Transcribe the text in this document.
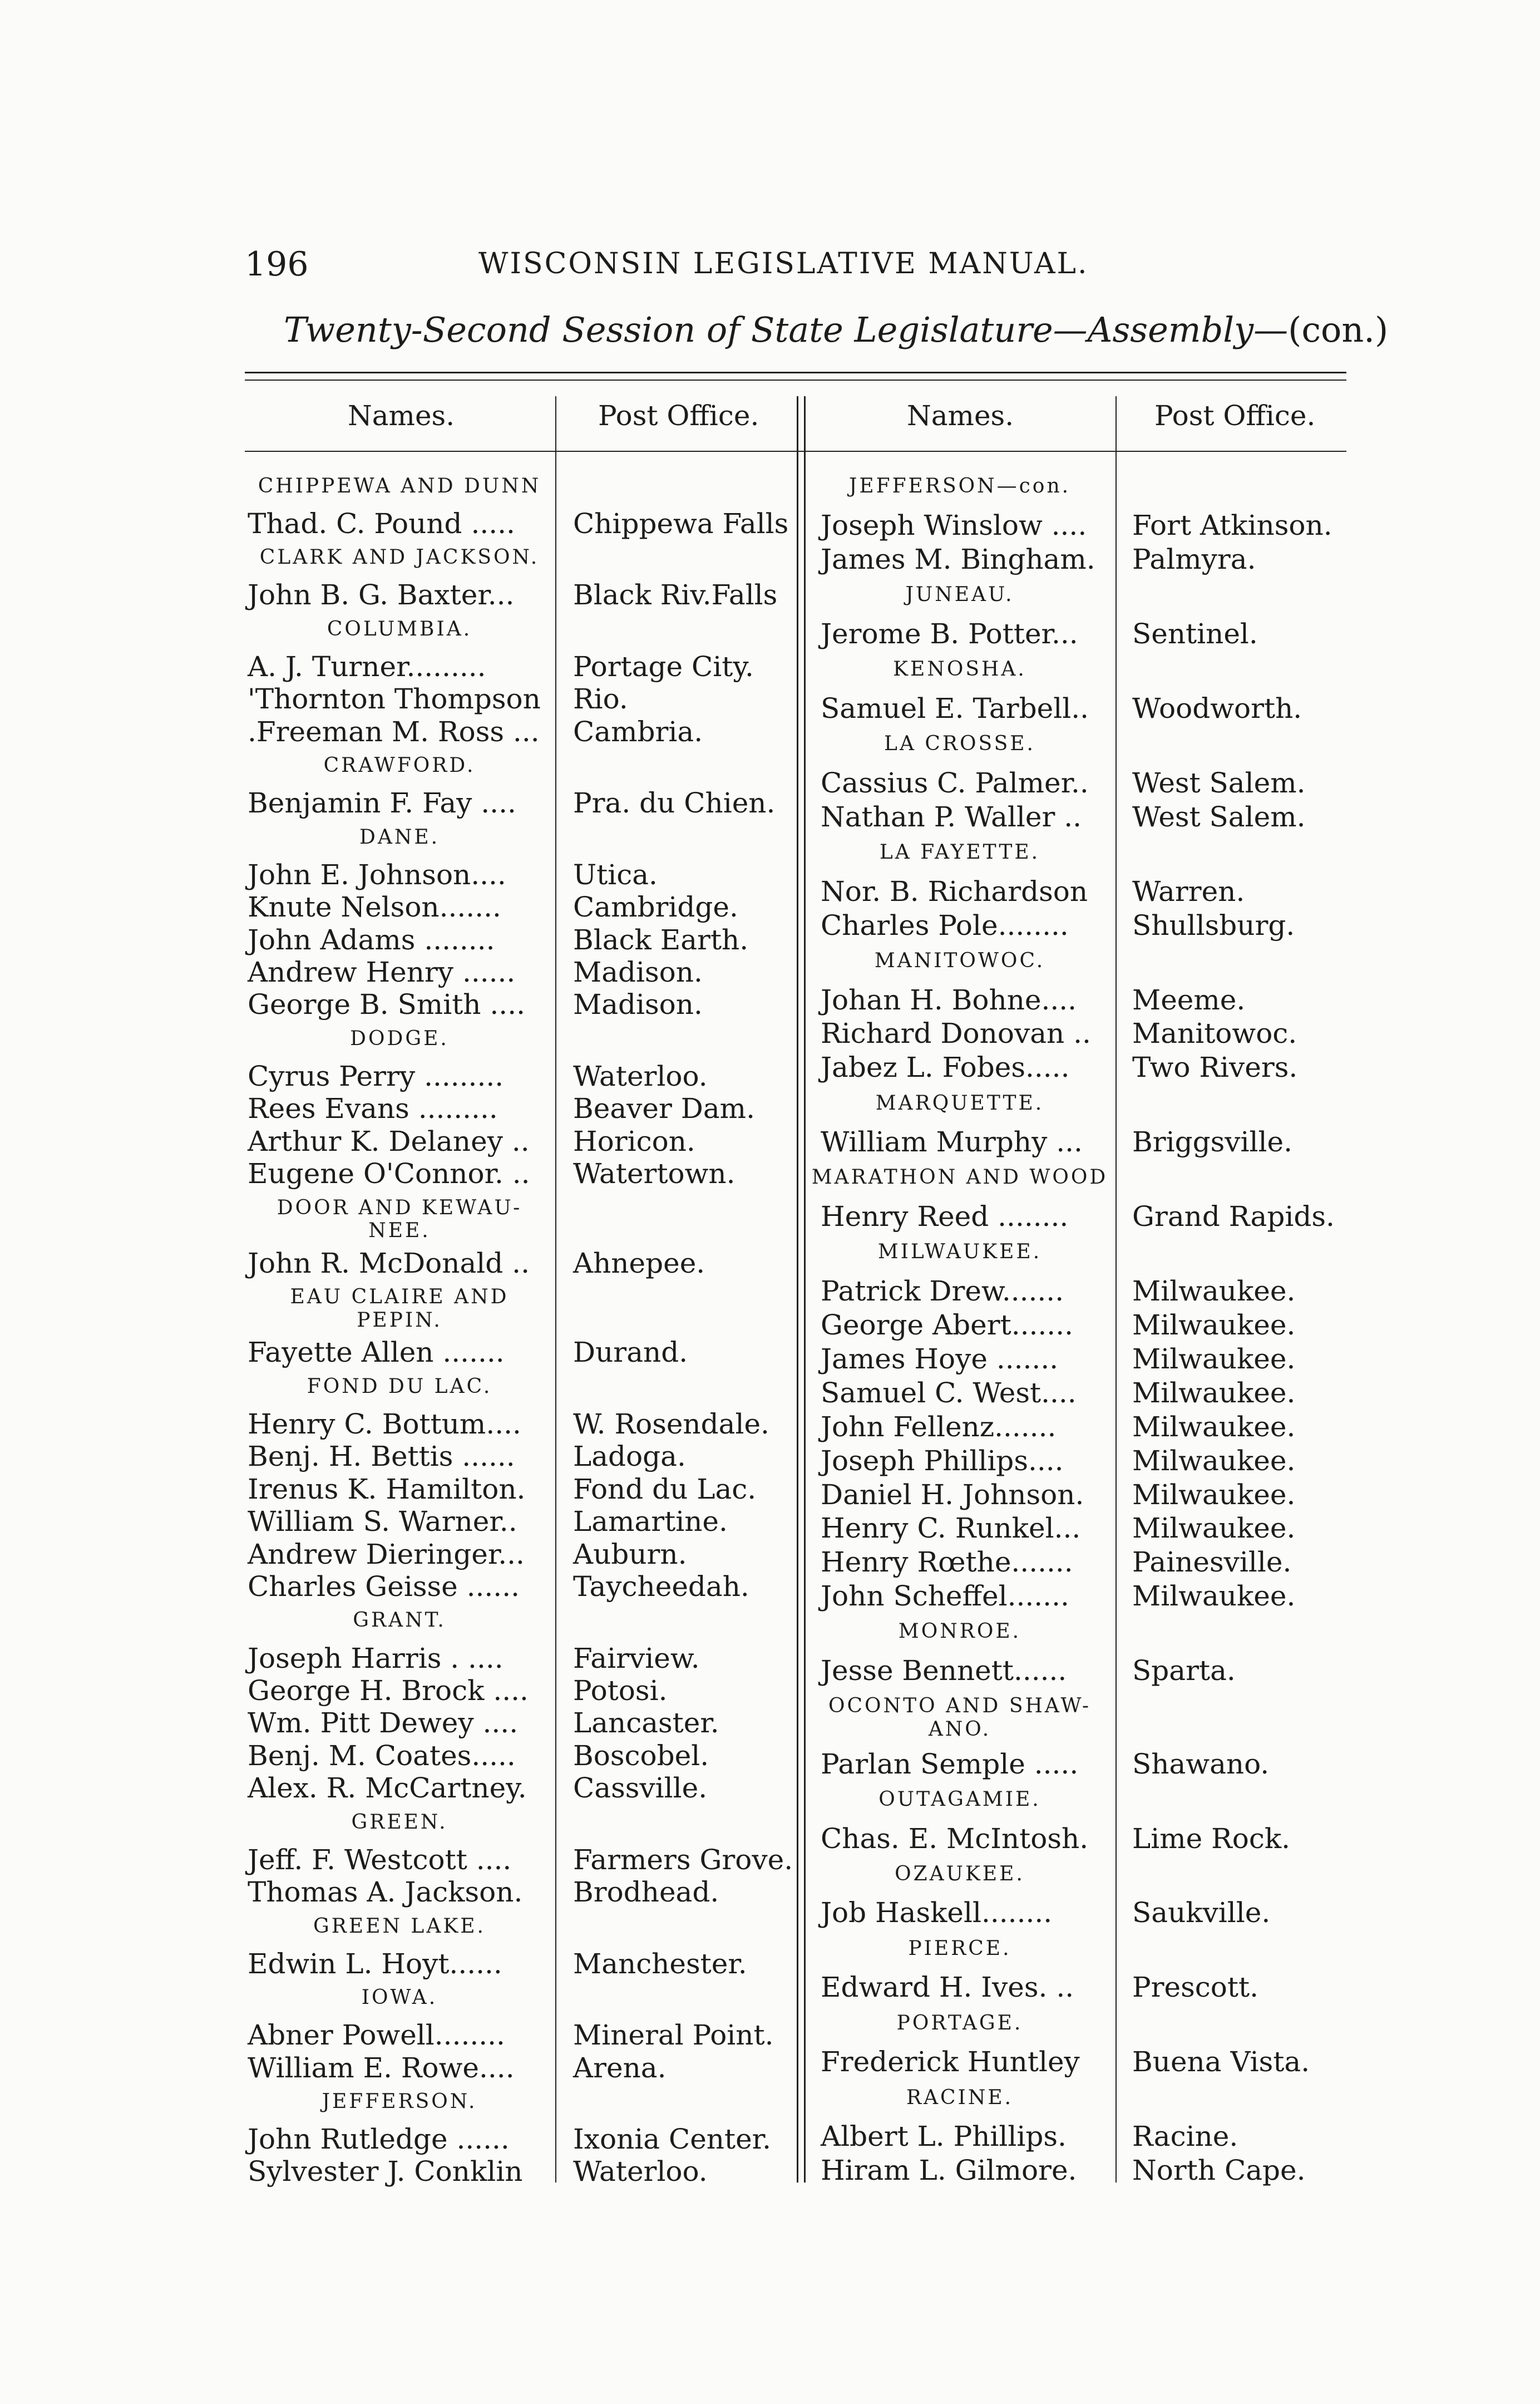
196	WISCONSIN LEGISLATIVE MANUAL.
Twenty-Second Session of State Legislature—Assembly—(con.)
Names.	Post Office.	Names.	Post Office.
CHIPPEWA AND DUNN
Thad. C. Pound ..... Chippewa Falls
CLARK AND JACKSON.
John B. G. Baxter... Black Riv.Falls
COLUMBIA.
A. J. Turner.........	Portage City.
'Thornton Thompson Rio.
.Freeman M. Ross ... Cambria.
CRAWFORD.
Benjamin F. Fay .... Pra. du Chien.
DANE.
John E. Johnson.... Utica.
Knute Nelson.......	Cambridge.
John Adams ........	Black Earth.
Andrew Henry ...... Madison.
George B. Smith .... Madison.
DODGE.
Cyrus Perry ......... Waterloo.
Rees Evans .........	Beaver Dam.
Arthur K. Delaney .. Horicon.
Eugene O'Connor. .. Watertown.
DOOR AND KEWAU-
NEE.
John R. McDonald .. Ahnepee.
EAU CLAIRE AND
PEPIN.
Fayette Allen ....... Durand.
FOND DU LAC.
Henry C. Bottum.... W. Rosendale.
Benj. H. Bettis ...... Ladoga.
Irenus K. Hamilton. Fond du Lac.
William S. Warner.. Lamartine.
Andrew Dieringer... Auburn.
Charles Geisse ...... Taycheedah.
GRANT.
Joseph Harris . ....	Fairview.
George H. Brock .... Potosi.
Wm. Pitt Dewey .... Lancaster.
Benj. M. Coates..... Boscobel.
Alex. R. McCartney. Cassville.
GREEN.
Jeff. F. Westcott .... Farmers Grove.
Thomas A. Jackson. Brodhead.
GREEN LAKE.
Edwin L. Hoyt......	Manchester.
IOWA.
Abner Powell........ Mineral Point.
William E. Rowe.... Arena.
JEFFERSON.
John Rutledge ...... Ixonia Center.
Sylvester J. Conklin Waterloo.
JEFFERSON—con.
Joseph Winslow .... Fort Atkinson.
James M. Bingham. Palmyra.
JUNEAU.
Jerome B. Potter... Sentinel.
KENOSHA.
Samuel E. Tarbell.. Woodworth.
LA CROSSE.
Cassius C. Palmer.. West Salem.
Nathan P. Waller .. West Salem.
LA FAYETTE.
Nor. B. Richardson Warren.
Charles Pole........ Shullsburg.
MANITOWOC.
Johan H. Bohne.... Meeme.
Richard Donovan .. Manitowoc.
Jabez L. Fobes..... Two Rivers.
MARQUETTE.
William Murphy ... Briggsville.
MARATHON AND WOOD
Henry Reed ........ Grand Rapids.
MILWAUKEE.
Patrick Drew....... Milwaukee.
George Abert....... Milwaukee.
James Hoye .......	Milwaukee.
Samuel C. West.... Milwaukee.
John Fellenz.......	Milwaukee.
Joseph Phillips.... Milwaukee.
Daniel H. Johnson. Milwaukee.
Henry C. Runkel... Milwaukee.
Henry Rœthe....... Painesville.
John Scheffel....... Milwaukee.
MONROE.
Jesse Bennett...... Sparta.
OCONTO AND SHAW-
ANO.
Parlan Semple ..... Shawano.
OUTAGAMIE.
Chas. E. McIntosh. Lime Rock.
OZAUKEE.
Job Haskell........	Saukville.
PIERCE.
Edward H. Ives. .. Prescott.
PORTAGE.
Frederick Huntley Buena Vista.
RACINE.
Albert L. Phillips. Racine.
Hiram L. Gilmore. North Cape.
